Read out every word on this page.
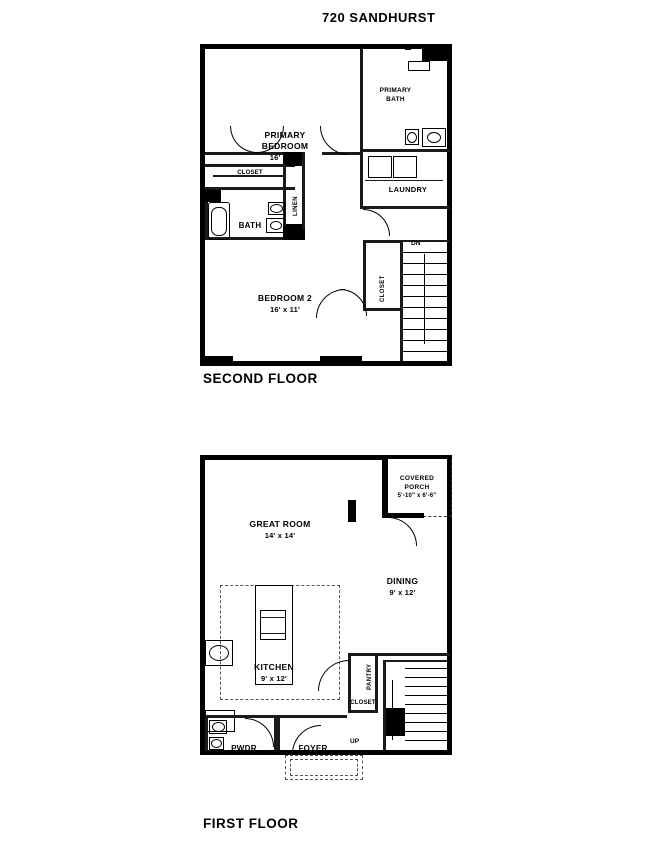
720 SANDHURST
DN
PRIMARY
BEDROOM
16' x 12'
PRIMARY
BATH
LAUNDRY
BATH
BEDROOM 2
16' x 11'
CLOSET
LINEN
CLOSET
SECOND FLOOR
PANTRY
CLOSET
UP
GREAT ROOM
14' x 14'
COVERED
PORCH
5'-10" x 6'-6"
DINING
9' x 12'
KITCHEN
9' x 12'
PWDR	FOYER
FIRST FLOOR
